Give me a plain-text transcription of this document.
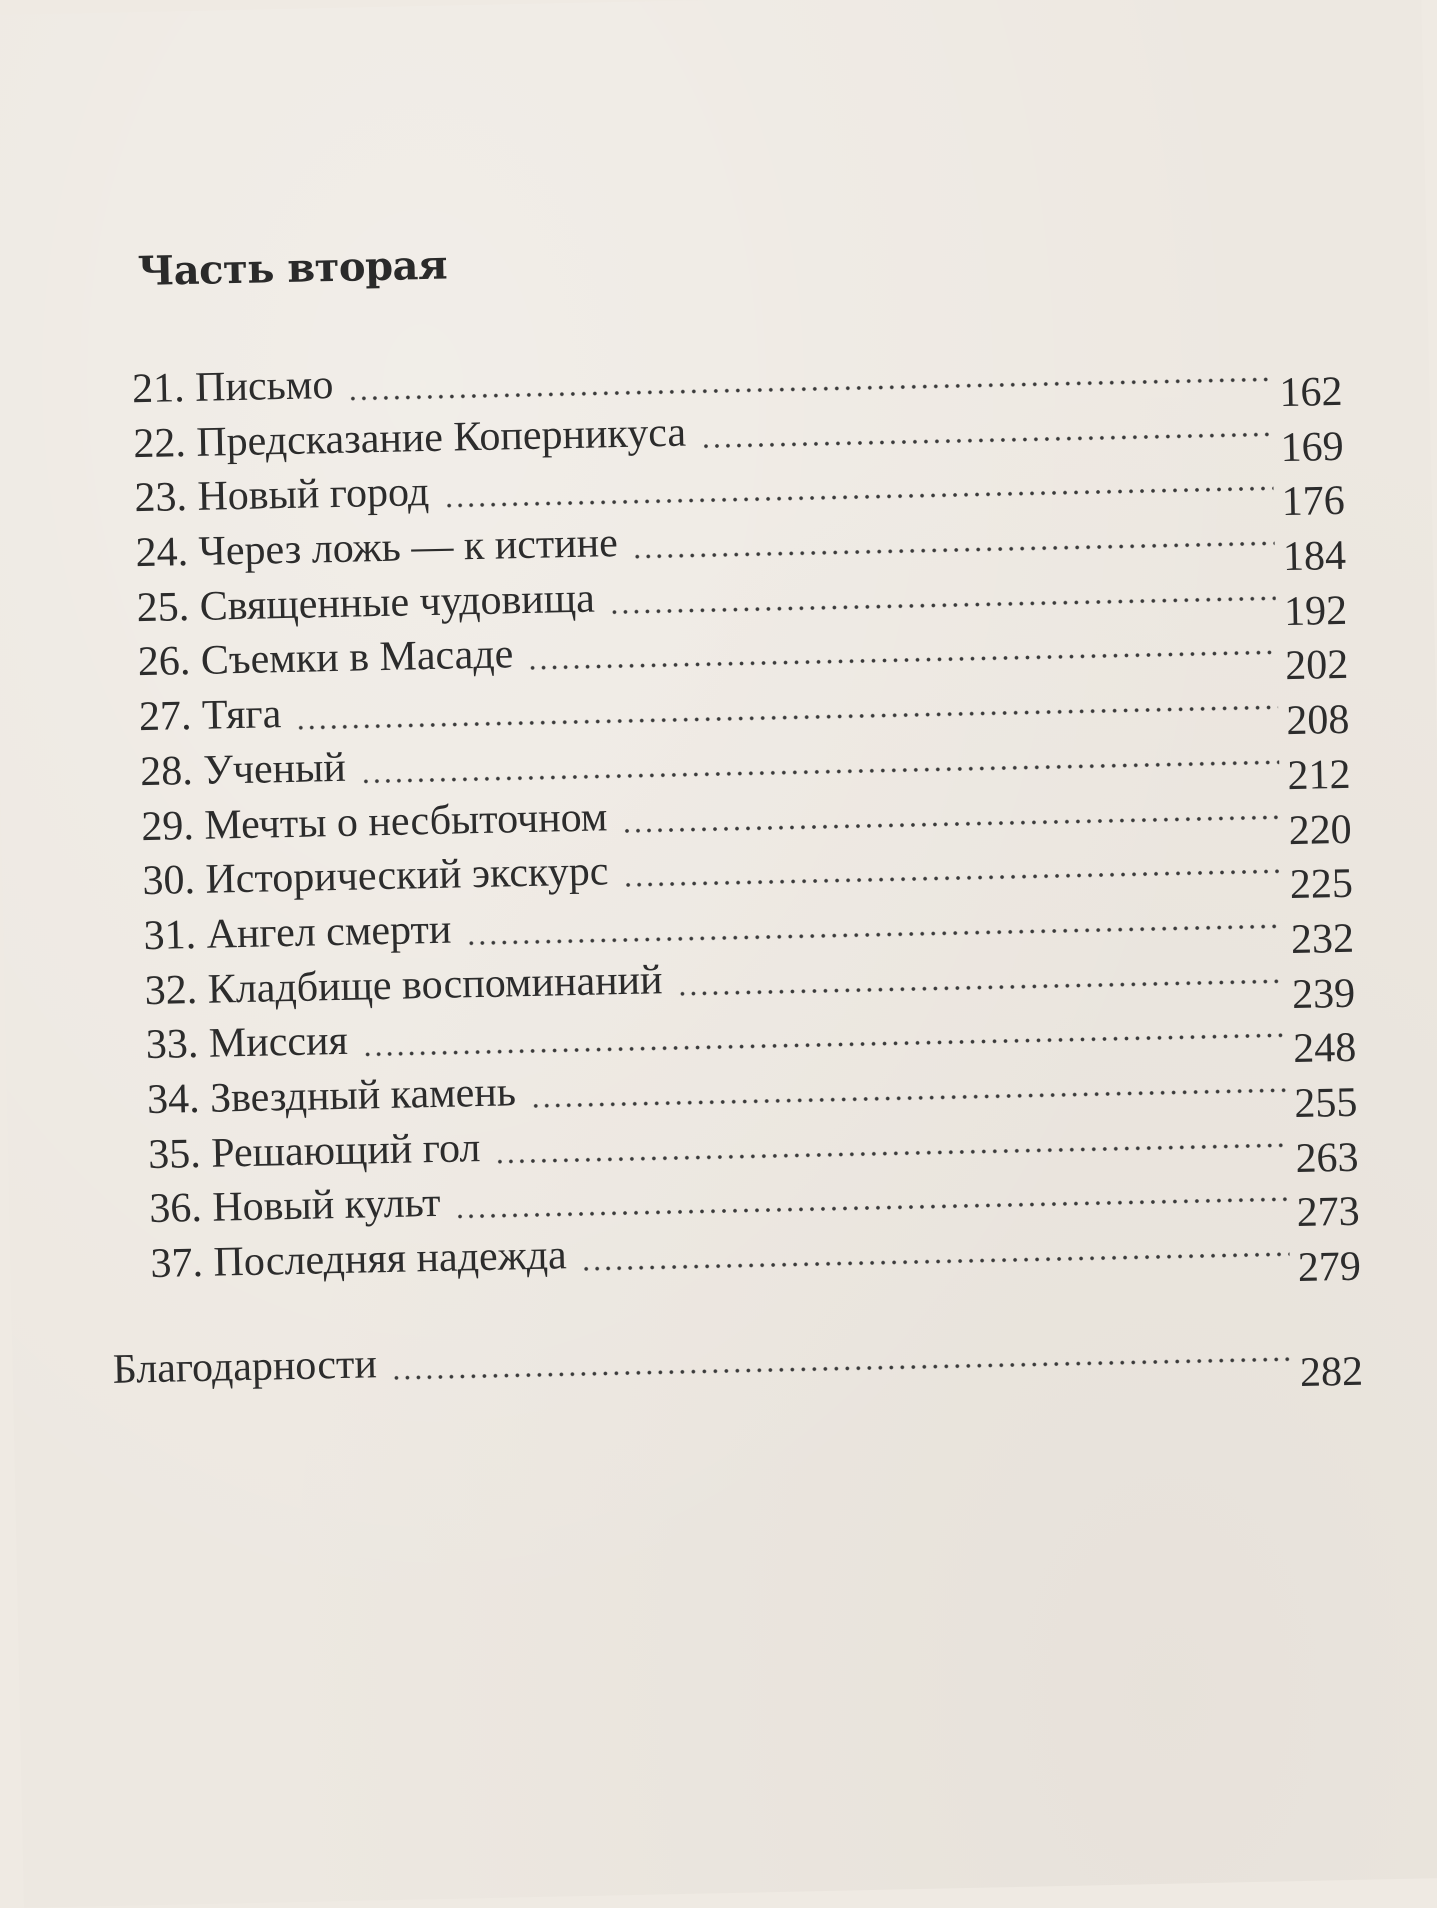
Часть вторая
21. Письмо	162
22. Предсказание Коперникуса	169
23. Новый город	176
24. Через ложь — к истине	184
25. Священные чудовища	192
26. Съемки в Масаде	202
27. Тяга	208
28. Ученый	212
29. Мечты о несбыточном	220
30. Исторический экскурс	225
31. Ангел смерти	232
32. Кладбище воспоминаний	239
33. Миссия	248
34. Звездный камень	255
35. Решающий гол	263
36. Новый культ	273
37. Последняя надежда	279
Благодарности	282
